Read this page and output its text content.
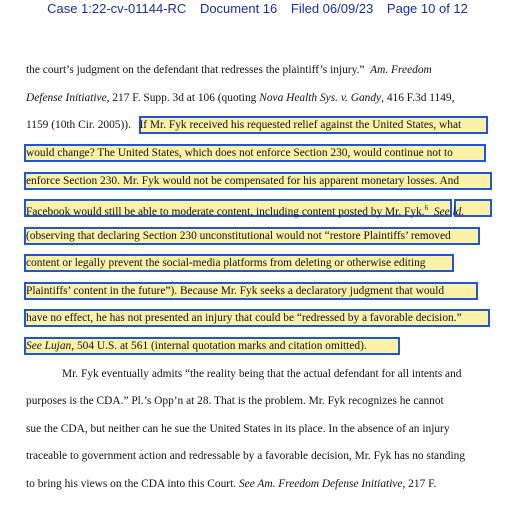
Case 1:22-cv-01144-RC Document 16 Filed 06/09/23 Page 10 of 12
the court’s judgment on the defendant that redresses the plaintiff’s injury.” Am. Freedom
Defense Initiative, 217 F. Supp. 3d at 106 (quoting Nova Health Sys. v. Gandy, 416 F.3d 1149,
1159 (10th Cir. 2005)). If Mr. Fyk received his requested relief against the United States, what
would change? The United States, which does not enforce Section 230, would continue not to
enforce Section 230. Mr. Fyk would not be compensated for his apparent monetary losses. And
Facebook would still be able to moderate content, including content posted by Mr. Fyk.$^6$ See id.
(observing that declaring Section 230 unconstitutional would not “restore Plaintiffs’ removed
content or legally prevent the social-media platforms from deleting or otherwise editing
Plaintiffs’ content in the future”). Because Mr. Fyk seeks a declaratory judgment that would
have no effect, he has not presented an injury that could be “redressed by a favorable decision.”
See Lujan, 504 U.S. at 561 (internal quotation marks and citation omitted).
Mr. Fyk eventually admits “the reality being that the actual defendant for all intents and
purposes is the CDA.” Pl.’s Opp’n at 28. That is the problem. Mr. Fyk recognizes he cannot
sue the CDA, but neither can he sue the United States in its place. In the absence of an injury
traceable to government action and redressable by a favorable decision, Mr. Fyk has no standing
to bring his views on the CDA into this Court. See Am. Freedom Defense Initiative, 217 F.
